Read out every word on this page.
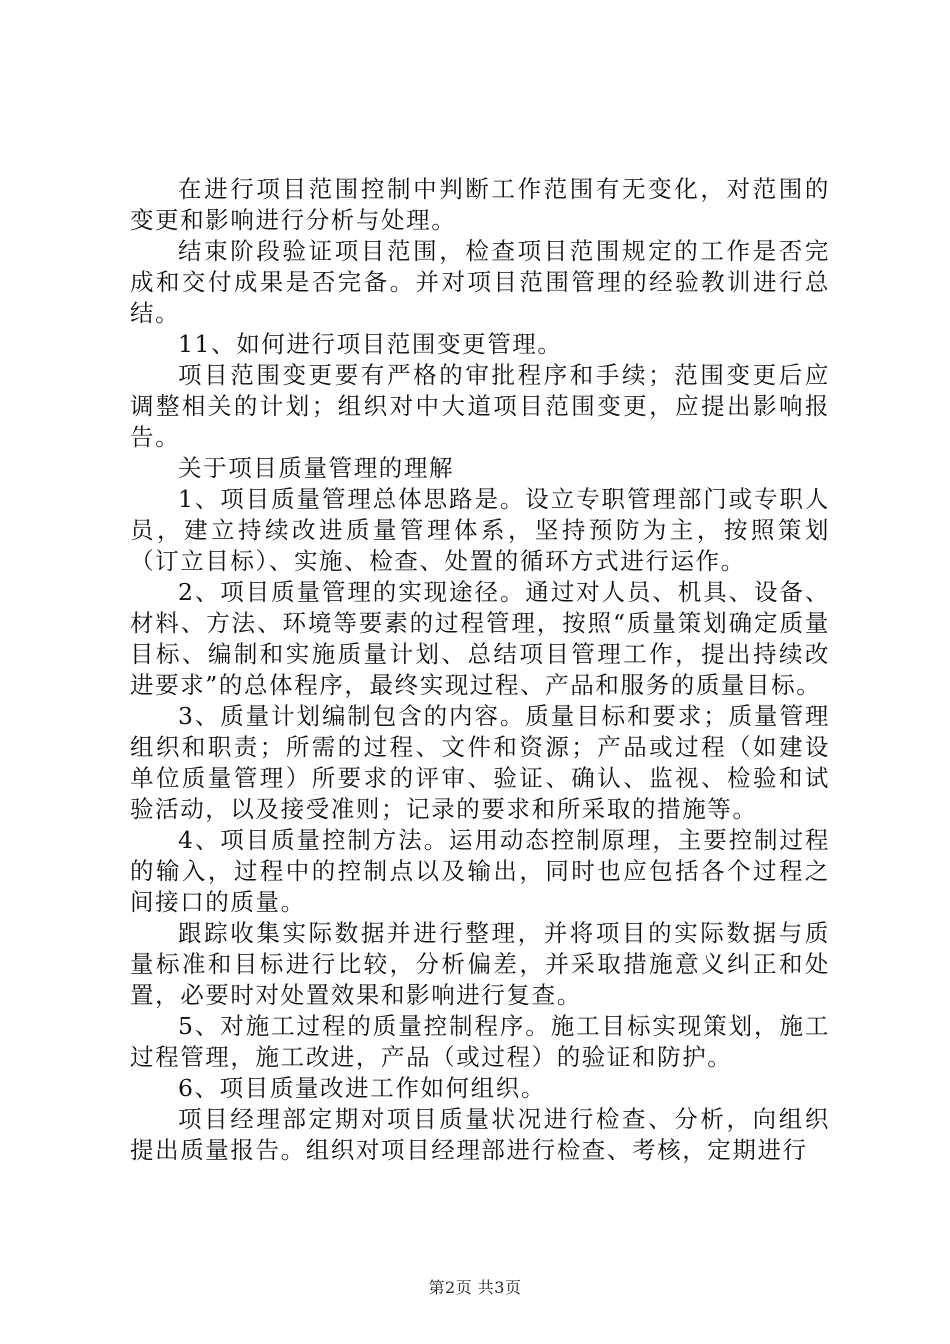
在进行项目范围控制中判断工作范围有无变化，对范围的变更和影响进行分析与处理。

结束阶段验证项目范围，检查项目范围规定的工作是否完成和交付成果是否完备。并对项目范围管理的经验教训进行总结。

11、如何进行项目范围变更管理。

项目范围变更要有严格的审批程序和手续；范围变更后应调整相关的计划；组织对中大道项目范围变更，应提出影响报告。

关于项目质量管理的理解

1、项目质量管理总体思路是。设立专职管理部门或专职人员，建立持续改进质量管理体系，坚持预防为主，按照策划（订立目标）、实施、检查、处置的循环方式进行运作。

2、项目质量管理的实现途径。通过对人员、机具、设备、材料、方法、环境等要素的过程管理，按照“质量策划确定质量目标、编制和实施质量计划、总结项目管理工作，提出持续改进要求”的总体程序，最终实现过程、产品和服务的质量目标。

3、质量计划编制包含的内容。质量目标和要求；质量管理组织和职责；所需的过程、文件和资源；产品或过程（如建设单位质量管理）所要求的评审、验证、确认、监视、检验和试验活动，以及接受准则；记录的要求和所采取的措施等。

4、项目质量控制方法。运用动态控制原理，主要控制过程的输入，过程中的控制点以及输出，同时也应包括各个过程之间接口的质量。

跟踪收集实际数据并进行整理，并将项目的实际数据与质量标准和目标进行比较，分析偏差，并采取措施意义纠正和处置，必要时对处置效果和影响进行复查。

5、对施工过程的质量控制程序。施工目标实现策划，施工过程管理，施工改进，产品（或过程）的验证和防护。

6、项目质量改进工作如何组织。

项目经理部定期对项目质量状况进行检查、分析，向组织提出质量报告。组织对项目经理部进行检查、考核，定期进行

第2页 共3页
